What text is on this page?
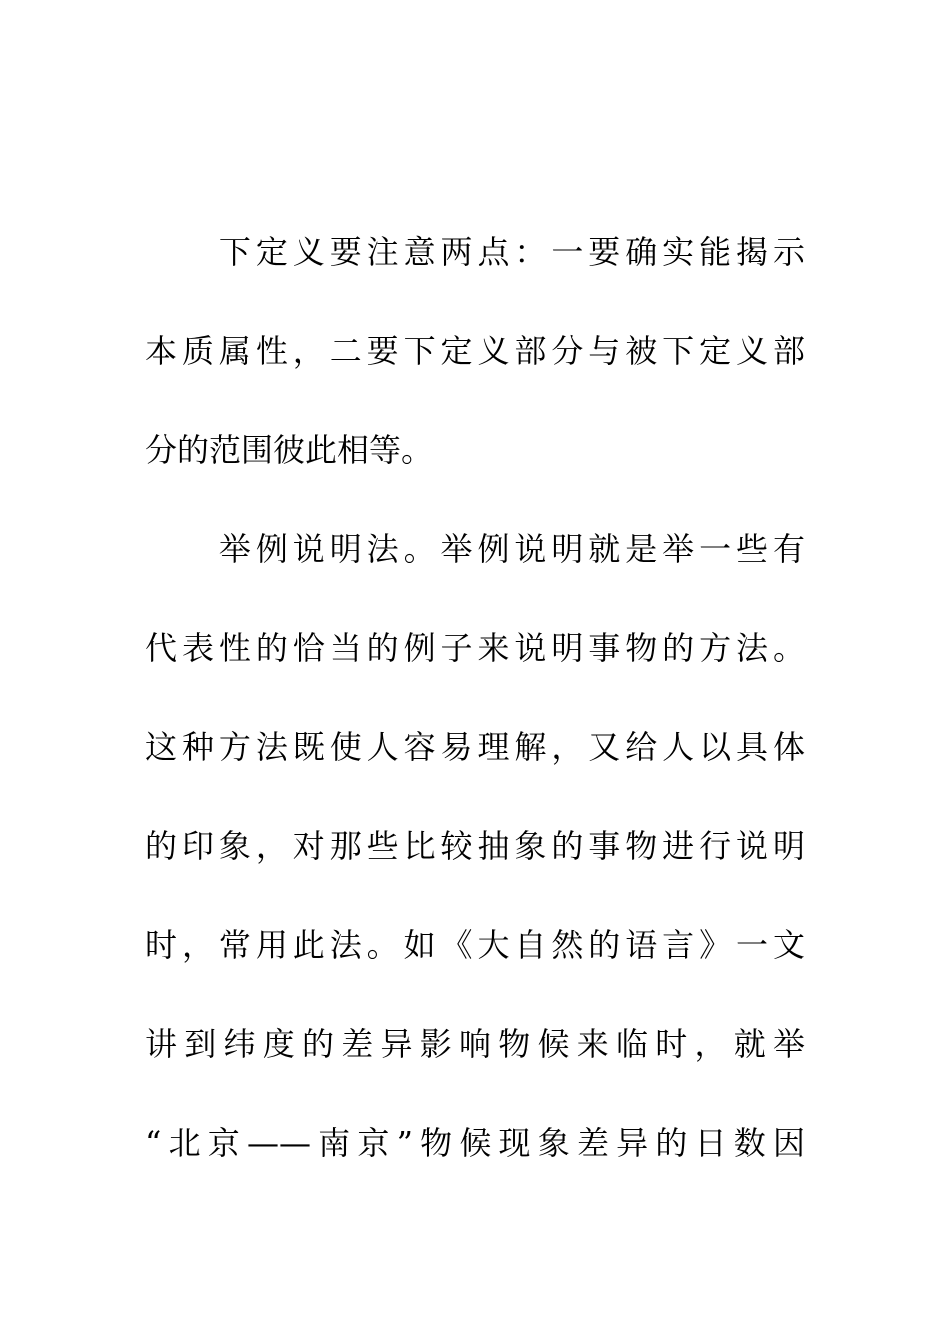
　　下定义要注意两点：一要确实能揭示
本质属性，二要下定义部分与被下定义部
分的范围彼此相等。
　　举例说明法。举例说明就是举一些有
代表性的恰当的例子来说明事物的方法。
这种方法既使人容易理解，又给人以具体
的印象，对那些比较抽象的事物进行说明
时，常用此法。如《大自然的语言》一文
讲到纬度的差异影响物候来临时，就举
“北京——南京”物候现象差异的日数因
